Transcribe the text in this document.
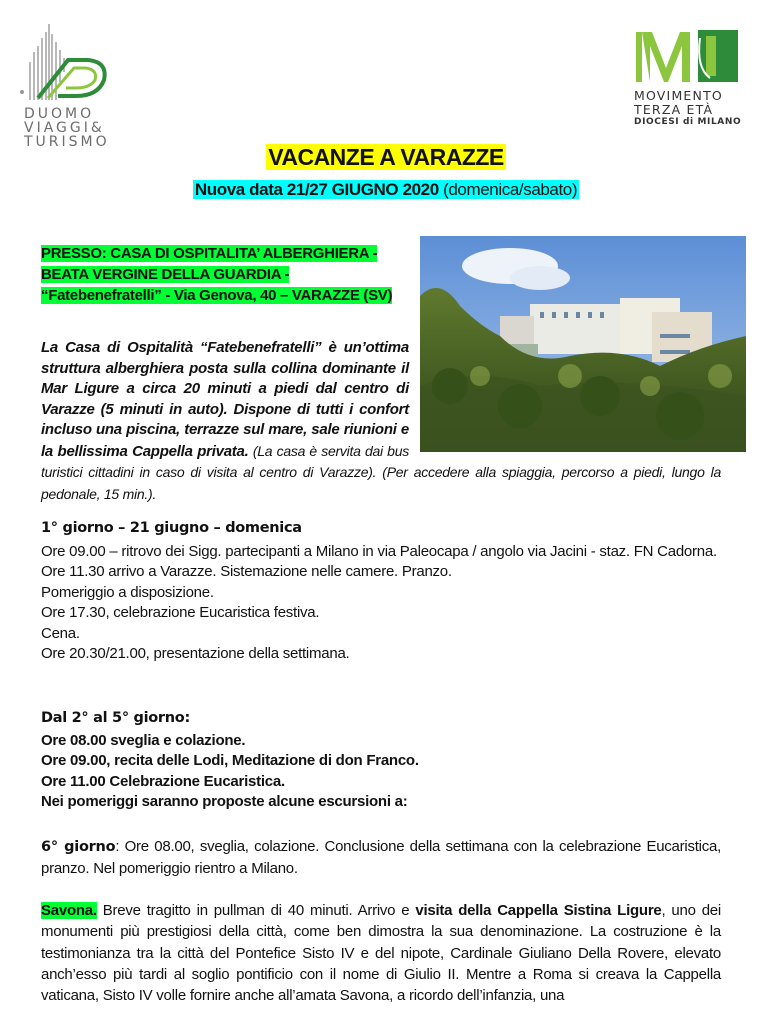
DUOMO
VIAGGI&
TURISMO
MOVIMENTO
TERZA ETÀ
DIOCESI di MILANO
VACANZE A VARAZZE
Nuova data 21/27 GIUGNO 2020 (domenica/sabato)
PRESSO: CASA DI OSPITALITA’ ALBERGHIERA - BEATA VERGINE DELLA GUARDIA - “Fatebenefratelli” - Via Genova, 40 – VARAZZE (SV)
La Casa di Ospitalità “Fatebenefratelli” è un’ottima struttura alberghiera posta sulla collina dominante il Mar Ligure a circa 20 minuti a piedi dal centro di Varazze (5 minuti in auto). Dispone di tutti i confort incluso una piscina, terrazze sul mare, sale riunioni e la bellissima Cappella privata. (La casa è servita dai bus turistici cittadini in caso di visita al centro di Varazze). (Per accedere alla spiaggia, percorso a piedi, lungo la pedonale, 15 min.).

1° giorno – 21 giugno – domenica

Ore 09.00 – ritrovo dei Sigg. partecipanti a Milano in via Paleocapa / angolo via Jacini - staz. FN Cadorna.

Ore 11.30 arrivo a Varazze. Sistemazione nelle camere. Pranzo.

Pomeriggio a disposizione.

Ore 17.30, celebrazione Eucaristica festiva.

Cena.

Ore 20.30/21.00, presentazione della settimana.

Dal 2° al 5° giorno:

Ore 08.00 sveglia e colazione.

Ore 09.00, recita delle Lodi, Meditazione di don Franco.

Ore 11.00 Celebrazione Eucaristica.

Nei pomeriggi saranno proposte alcune escursioni a:

6° giorno: Ore 08.00, sveglia, colazione. Conclusione della settimana con la celebrazione Eucaristica, pranzo. Nel pomeriggio rientro a Milano.
Savona. Breve tragitto in pullman di 40 minuti. Arrivo e visita della Cappella Sistina Ligure, uno dei monumenti più prestigiosi della città, come ben dimostra la sua denominazione. La costruzione è la testimonianza tra la città del Pontefice Sisto IV e del nipote, Cardinale Giuliano Della Rovere, elevato anch’esso più tardi al soglio pontificio con il nome di Giulio II. Mentre a Roma si creava la Cappella vaticana, Sisto IV volle fornire anche all’amata Savona, a ricordo dell’infanzia, una
